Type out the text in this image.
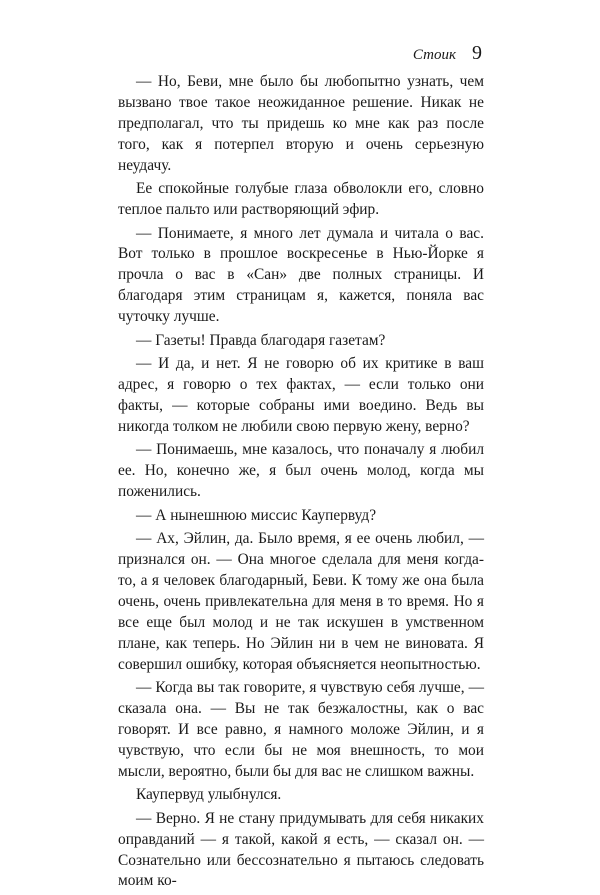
Стоик 9

— Но, Беви, мне было бы любопытно узнать, чем вызвано твое такое неожиданное решение. Никак не предполагал, что ты придешь ко мне как раз после того, как я потерпел вторую и очень серьезную неудачу.

Ее спокойные голубые глаза обволокли его, словно теплое пальто или растворяющий эфир.

— Понимаете, я много лет думала и читала о вас. Вот только в прошлое воскресенье в Нью-Йорке я прочла о вас в «Сан» две полных страницы. И благодаря этим страницам я, кажется, поняла вас чуточку лучше.

— Газеты! Правда благодаря газетам?

— И да, и нет. Я не говорю об их критике в ваш адрес, я говорю о тех фактах, — если только они факты, — которые собраны ими воедино. Ведь вы никогда толком не любили свою первую жену, верно?

— Понимаешь, мне казалось, что поначалу я любил ее. Но, конечно же, я был очень молод, когда мы поженились.

— А нынешнюю миссис Каупервуд?

— Ах, Эйлин, да. Было время, я ее очень любил, — признался он. — Она многое сделала для меня когда-то, а я человек благодарный, Беви. К тому же она была очень, очень привлекательна для меня в то время. Но я все еще был молод и не так искушен в умственном плане, как теперь. Но Эйлин ни в чем не виновата. Я совершил ошибку, которая объясняется неопытностью.

— Когда вы так говорите, я чувствую себя лучше, — сказала она. — Вы не так безжалостны, как о вас говорят. И все равно, я намного моложе Эйлин, и я чувствую, что если бы не моя внешность, то мои мысли, вероятно, были бы для вас не слишком важны.

Каупервуд улыбнулся.

— Верно. Я не стану придумывать для себя никаких оправданий — я такой, какой я есть, — сказал он. — Сознательно или бессознательно я пытаюсь следовать моим ко-
